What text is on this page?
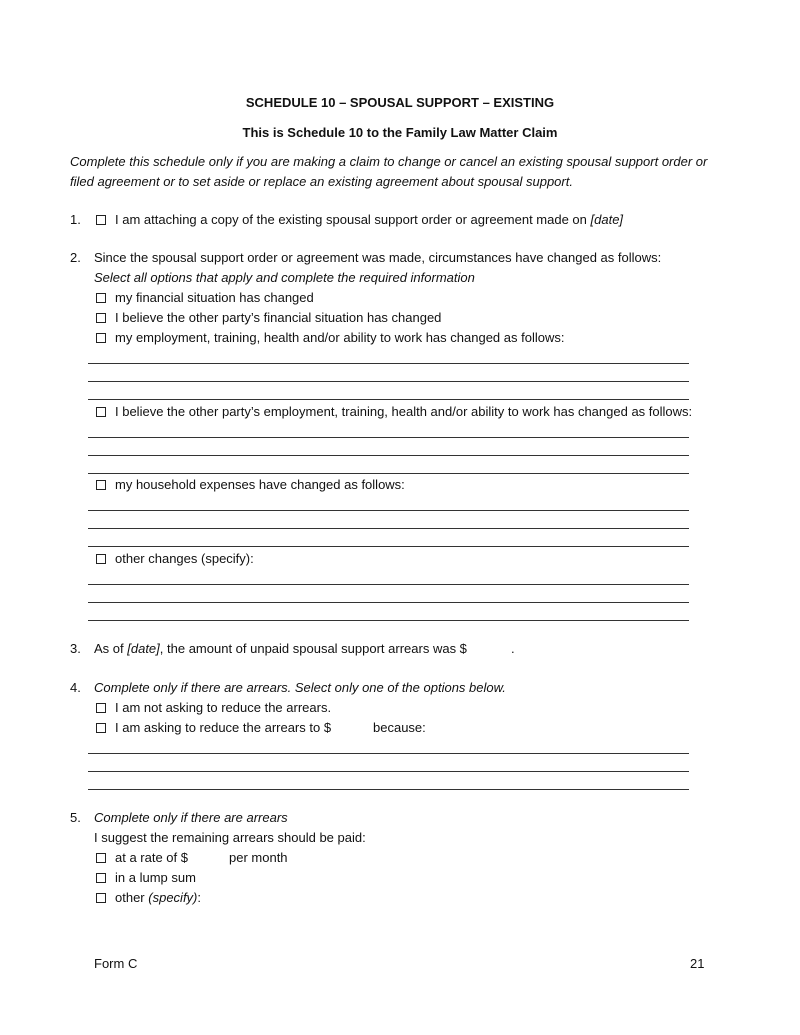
SCHEDULE 10 – SPOUSAL SUPPORT – EXISTING
This is Schedule 10 to the Family Law Matter Claim
Complete this schedule only if you are making a claim to change or cancel an existing spousal support order or
filed agreement or to set aside or replace an existing agreement about spousal support.
1.	I am attaching a copy of the existing spousal support order or agreement made on [date]
2. Since the spousal support order or agreement was made, circumstances have changed as follows:
Select all options that apply and complete the required information
my financial situation has changed
I believe the other party’s financial situation has changed
my employment, training, health and/or ability to work has changed as follows:
I believe the other party’s employment, training, health and/or ability to work has changed as follows:
my household expenses have changed as follows:
other changes (specify):
3. As of [date], the amount of unpaid spousal support arrears was $	.
4. Complete only if there are arrears. Select only one of the options below.
I am not asking to reduce the arrears.
I am asking to reduce the arrears to $	because:
5. Complete only if there are arrears
I suggest the remaining arrears should be paid:
at a rate of $	per month
in a lump sum
other (specify):
Form C	21
